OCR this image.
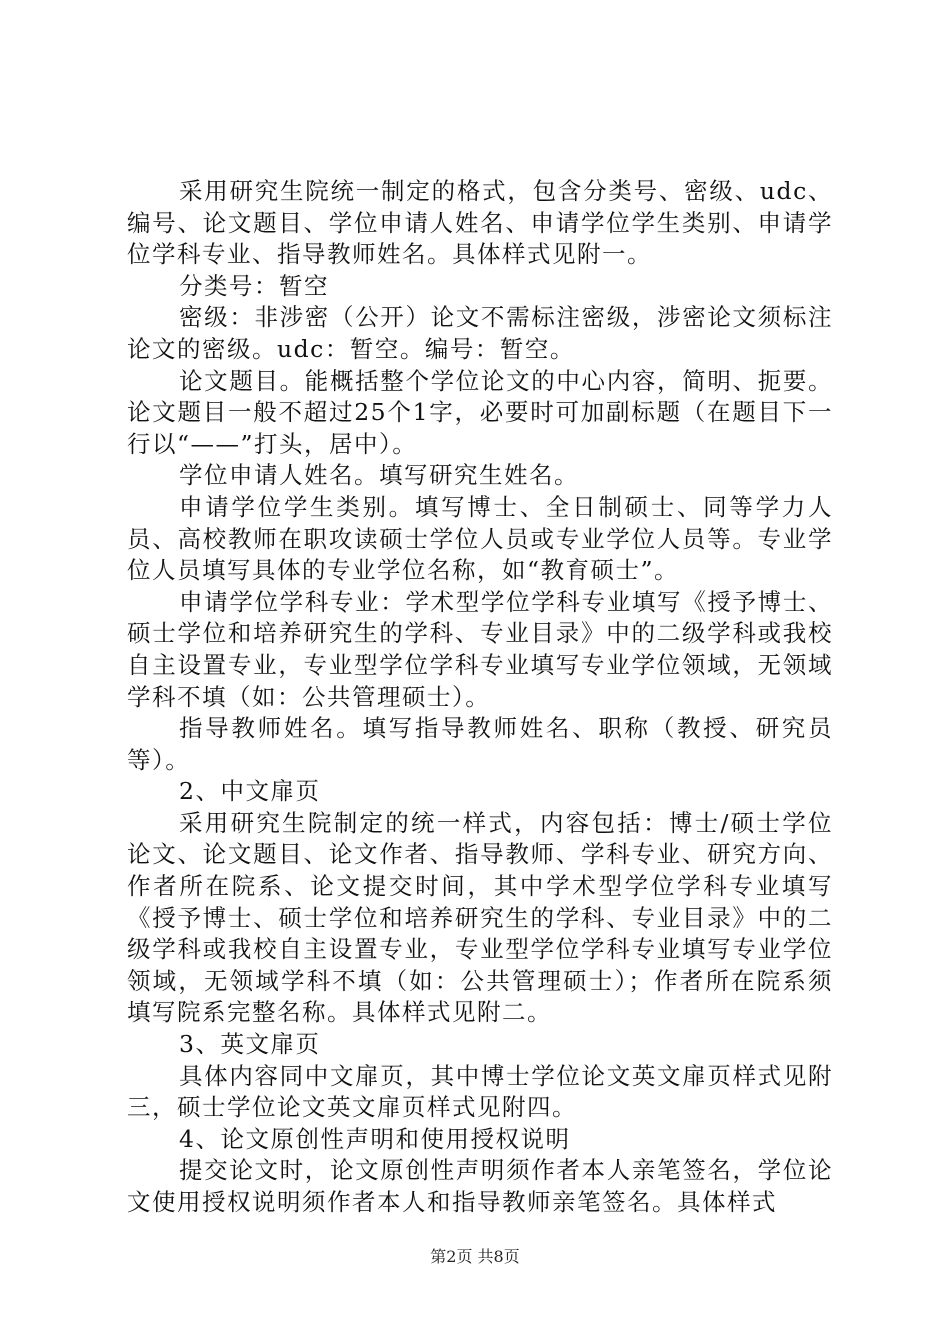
采用研究生院统一制定的格式，包含分类号、密级、udc、编号、论文题目、学位申请人姓名、申请学位学生类别、申请学位学科专业、指导教师姓名。具体样式见附一。

分类号：暂空

密级：非涉密（公开）论文不需标注密级，涉密论文须标注论文的密级。udc：暂空。编号：暂空。

论文题目。能概括整个学位论文的中心内容，简明、扼要。论文题目一般不超过25个1字，必要时可加副标题（在题目下一行以“——”打头，居中）。

学位申请人姓名。填写研究生姓名。

申请学位学生类别。填写博士、全日制硕士、同等学力人员、高校教师在职攻读硕士学位人员或专业学位人员等。专业学位人员填写具体的专业学位名称，如“教育硕士”。

申请学位学科专业：学术型学位学科专业填写《授予博士、硕士学位和培养研究生的学科、专业目录》中的二级学科或我校自主设置专业，专业型学位学科专业填写专业学位领域，无领域学科不填（如：公共管理硕士）。

指导教师姓名。填写指导教师姓名、职称（教授、研究员等）。

2、中文扉页

采用研究生院制定的统一样式，内容包括：博士/硕士学位论文、论文题目、论文作者、指导教师、学科专业、研究方向、作者所在院系、论文提交时间，其中学术型学位学科专业填写《授予博士、硕士学位和培养研究生的学科、专业目录》中的二级学科或我校自主设置专业，专业型学位学科专业填写专业学位领域，无领域学科不填（如：公共管理硕士）；作者所在院系须填写院系完整名称。具体样式见附二。

3、英文扉页

具体内容同中文扉页，其中博士学位论文英文扉页样式见附三，硕士学位论文英文扉页样式见附四。

4、论文原创性声明和使用授权说明

提交论文时，论文原创性声明须作者本人亲笔签名，学位论文使用授权说明须作者本人和指导教师亲笔签名。具体样式

第2页 共8页
